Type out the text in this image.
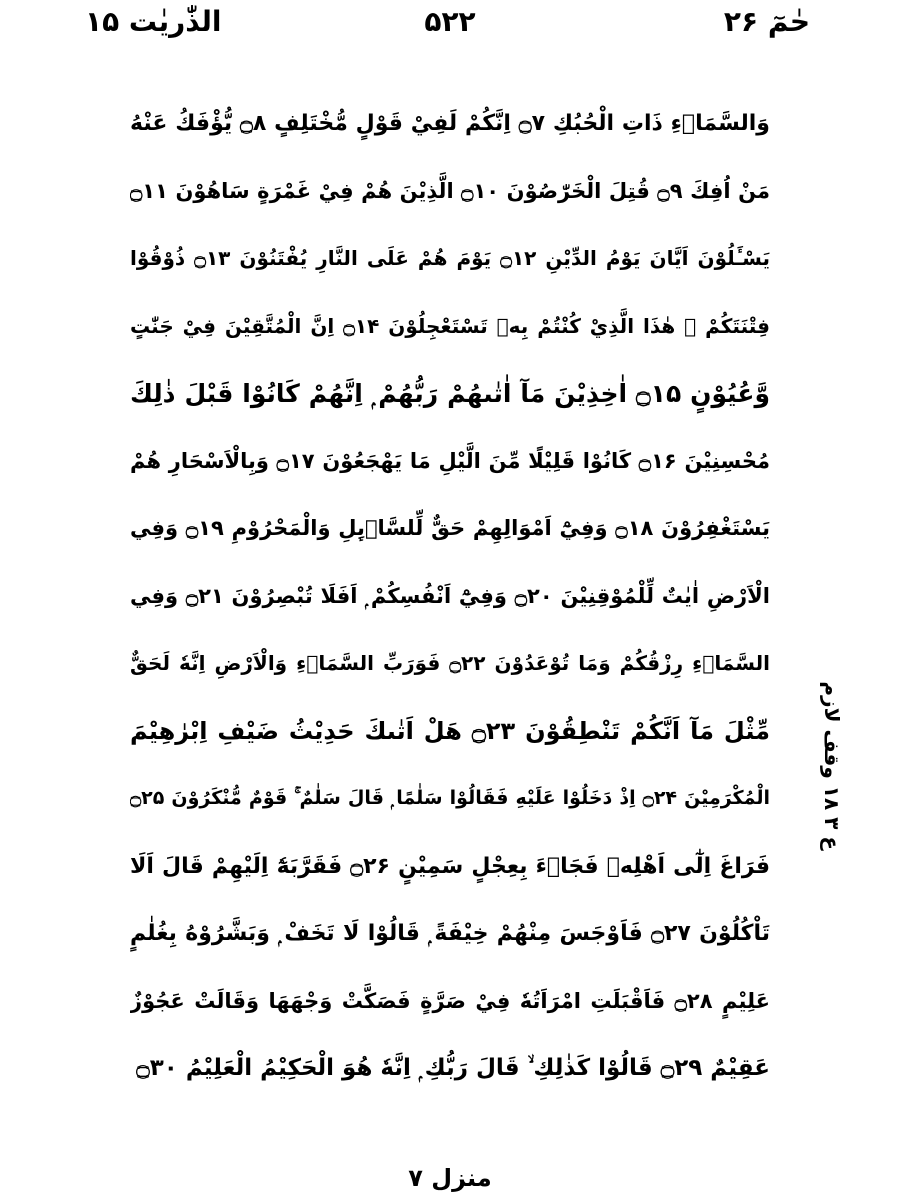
الذّٰريٰت ۱۵	۵۲۲	حٰمٓ ۲۶
وَالسَّمَاۤءِ ذَاتِ الْحُبُكِ ۝۷ اِنَّكُمْ لَفِيْ قَوْلٍ مُّخْتَلِفٍ ۝۸ يُّؤْفَكُ عَنْهُ
مَنْ اُفِكَ ۝۹ قُتِلَ الْخَرّٰصُوْنَ ۝۱۰ الَّذِيْنَ هُمْ فِيْ غَمْرَةٍ سَاهُوْنَ ۝۱۱
يَسْـَٔلُوْنَ اَيَّانَ يَوْمُ الدِّيْنِ ۝۱۲ يَوْمَ هُمْ عَلَى النَّارِ يُفْتَنُوْنَ ۝۱۳ ذُوْقُوْا
فِتْنَتَكُمْ ۭ هٰذَا الَّذِيْ كُنْتُمْ بِهٖ تَسْتَعْجِلُوْنَ ۝۱۴ اِنَّ الْمُتَّقِيْنَ فِيْ جَنّٰتٍ
وَّعُيُوْنٍ ۝۱۵ اٰخِذِيْنَ مَآ اٰتٰىهُمْ رَبُّهُمْ ۭ اِنَّهُمْ كَانُوْا قَبْلَ ذٰلِكَ
مُحْسِنِيْنَ ۝۱۶ كَانُوْا قَلِيْلًا مِّنَ الَّيْلِ مَا يَهْجَعُوْنَ ۝۱۷ وَبِالْاَسْحَارِ هُمْ
يَسْتَغْفِرُوْنَ ۝۱۸ وَفِيْٓ اَمْوَالِهِمْ حَقٌّ لِّلسَّاۗىِٕلِ وَالْمَحْرُوْمِ ۝۱۹ وَفِي
الْاَرْضِ اٰيٰتٌ لِّلْمُوْقِنِيْنَ ۝۲۰ وَفِيْٓ اَنْفُسِكُمْ ۭ اَفَلَا تُبْصِرُوْنَ ۝۲۱ وَفِي
السَّمَاۗءِ رِزْقُكُمْ وَمَا تُوْعَدُوْنَ ۝۲۲ فَوَرَبِّ السَّمَاۗءِ وَالْاَرْضِ اِنَّهٗ لَحَقٌّ
مِّثْلَ مَآ اَنَّكُمْ تَنْطِقُوْنَ ۝۲۳ هَلْ اَتٰىكَ حَدِيْثُ ضَيْفِ اِبْرٰهِيْمَ
الْمُكْرَمِيْنَ ۝۲۴ اِذْ دَخَلُوْا عَلَيْهِ فَقَالُوْا سَلٰمًا ۭ قَالَ سَلٰمٌ ۚ قَوْمٌ مُّنْكَرُوْنَ ۝۲۵
فَرَاغَ اِلٰٓى اَهْلِهٖ فَجَاۗءَ بِعِجْلٍ سَمِيْنٍ ۝۲۶ فَقَرَّبَهٗٓ اِلَيْهِمْ قَالَ اَلَا
تَاْكُلُوْنَ ۝۲۷ فَاَوْجَسَ مِنْهُمْ خِيْفَةً ۭ قَالُوْا لَا تَخَفْ ۭ وَبَشَّرُوْهُ بِغُلٰمٍ
عَلِيْمٍ ۝۲۸ فَاَقْبَلَتِ امْرَاَتُهٗ فِيْ صَرَّةٍ فَصَكَّتْ وَجْهَهَا وَقَالَتْ عَجُوْزٌ
عَقِيْمٌ ۝۲۹ قَالُوْا كَذٰلِكِ ۙ قَالَ رَبُّكِ ۭ اِنَّهٗ هُوَ الْحَكِيْمُ الْعَلِيْمُ ۝۳۰
ع ۳ ۱۸ وقف لازم
منزل ۷
